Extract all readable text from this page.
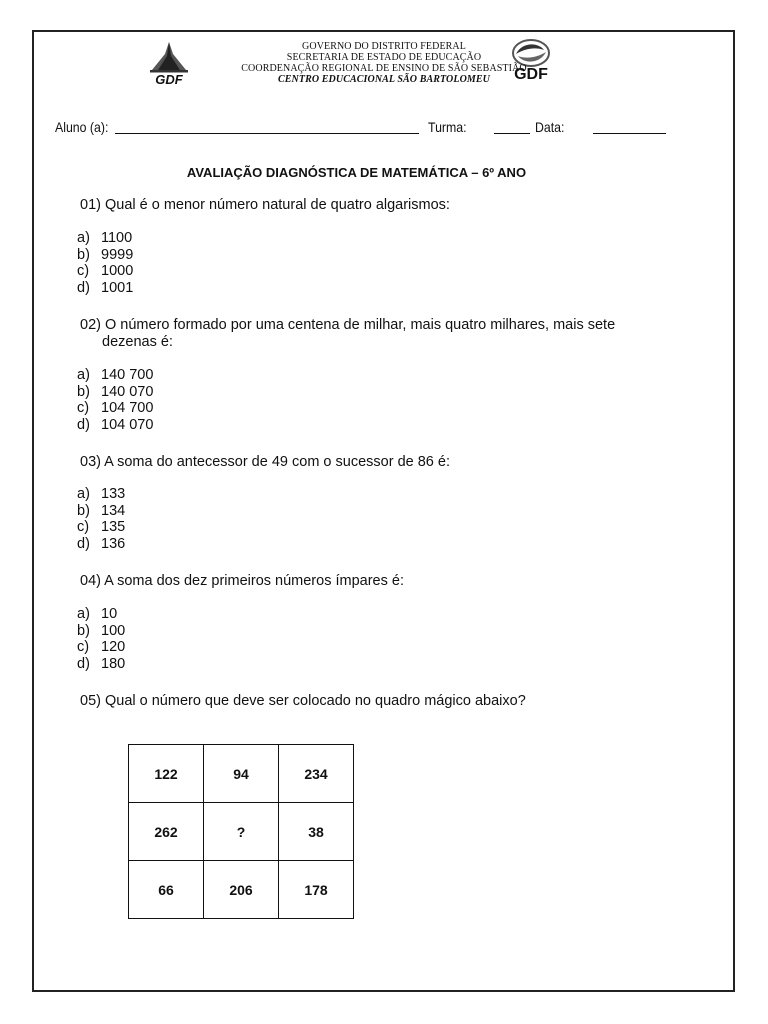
GDF	GDF
GOVERNO DO DISTRITO FEDERAL
SECRETARIA DE ESTADO DE EDUCAÇÃO
COORDENAÇÃO REGIONAL DE ENSINO DE SÃO SEBASTIÃO
CENTRO EDUCACIONAL SÃO BARTOLOMEU
Aluno (a):	Turma:	Data:
AVALIAÇÃO DIAGNÓSTICA DE MATEMÁTICA – 6º ANO
01) Qual é o menor número natural de quatro algarismos:
a) 1100
b) 9999
c) 1000
d) 1001
02) O número formado por uma centena de milhar, mais quatro milhares, mais sete
dezenas é:
a) 140 700
b) 140 070
c) 104 700
d) 104 070
03) A soma do antecessor de 49 com o sucessor de 86 é:
a) 133
b) 134
c) 135
d) 136
04) A soma dos dez primeiros números ímpares é:
a) 10
b) 100
c) 120
d) 180
05) Qual o número que deve ser colocado no quadro mágico abaixo?
122	94	234
262	?	38
66	206	178
